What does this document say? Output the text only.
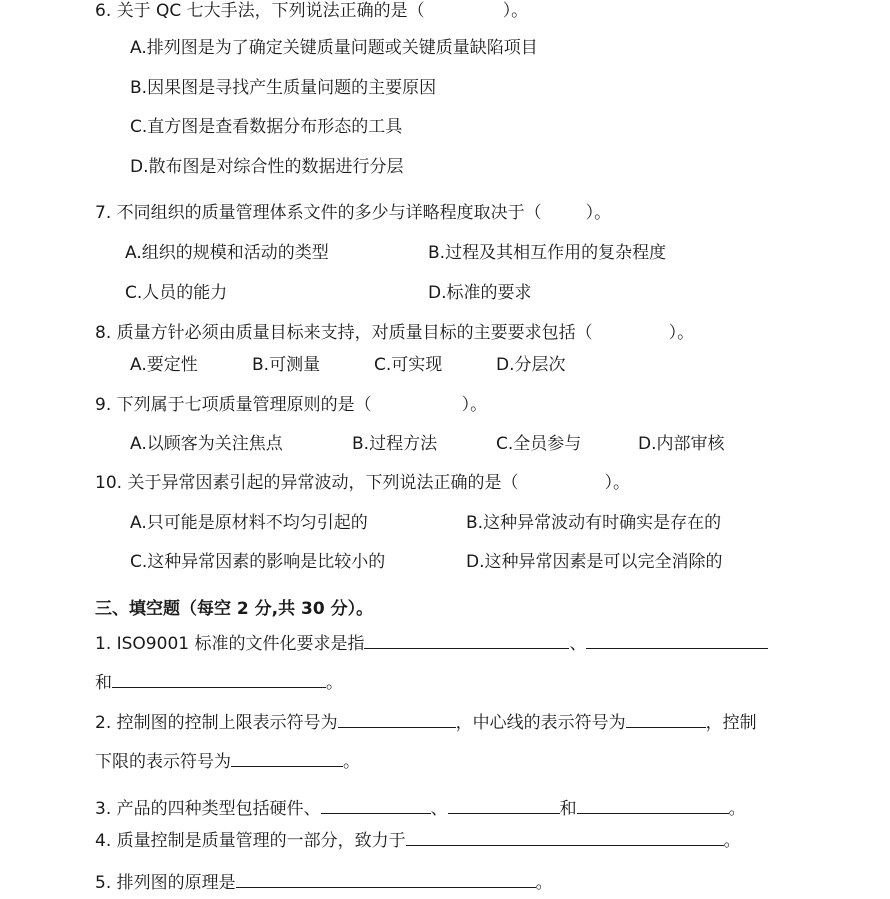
6. 关于 QC 七大手法，下列说法正确的是（	）。
A.排列图是为了确定关键质量问题或关键质量缺陷项目
B.因果图是寻找产生质量问题的主要原因
C.直方图是查看数据分布形态的工具
D.散布图是对综合性的数据进行分层
7. 不同组织的质量管理体系文件的多少与详略程度取决于（	）。
A.组织的规模和活动的类型	B.过程及其相互作用的复杂程度
C.人员的能力	D.标准的要求
8. 质量方针必须由质量目标来支持，对质量目标的主要要求包括（	）。
A.要定性	B.可测量	C.可实现	D.分层次
9. 下列属于七项质量管理原则的是（	）。
A.以顾客为关注焦点	B.过程方法	C.全员参与	D.内部审核
10. 关于异常因素引起的异常波动，下列说法正确的是（	）。
A.只可能是原材料不均匀引起的	B.这种异常波动有时确实是存在的
C.这种异常因素的影响是比较小的	D.这种异常因素是可以完全消除的
三、填空题（每空 2 分,共 30 分）。
1. ISO9001 标准的文件化要求是指	、
和	。
2. 控制图的控制上限表示符号为	，中心线的表示符号为	，控制
下限的表示符号为	。
3. 产品的四种类型包括硬件、	、	和	。
4. 质量控制是质量管理的一部分，致力于	。
5. 排列图的原理是	。
